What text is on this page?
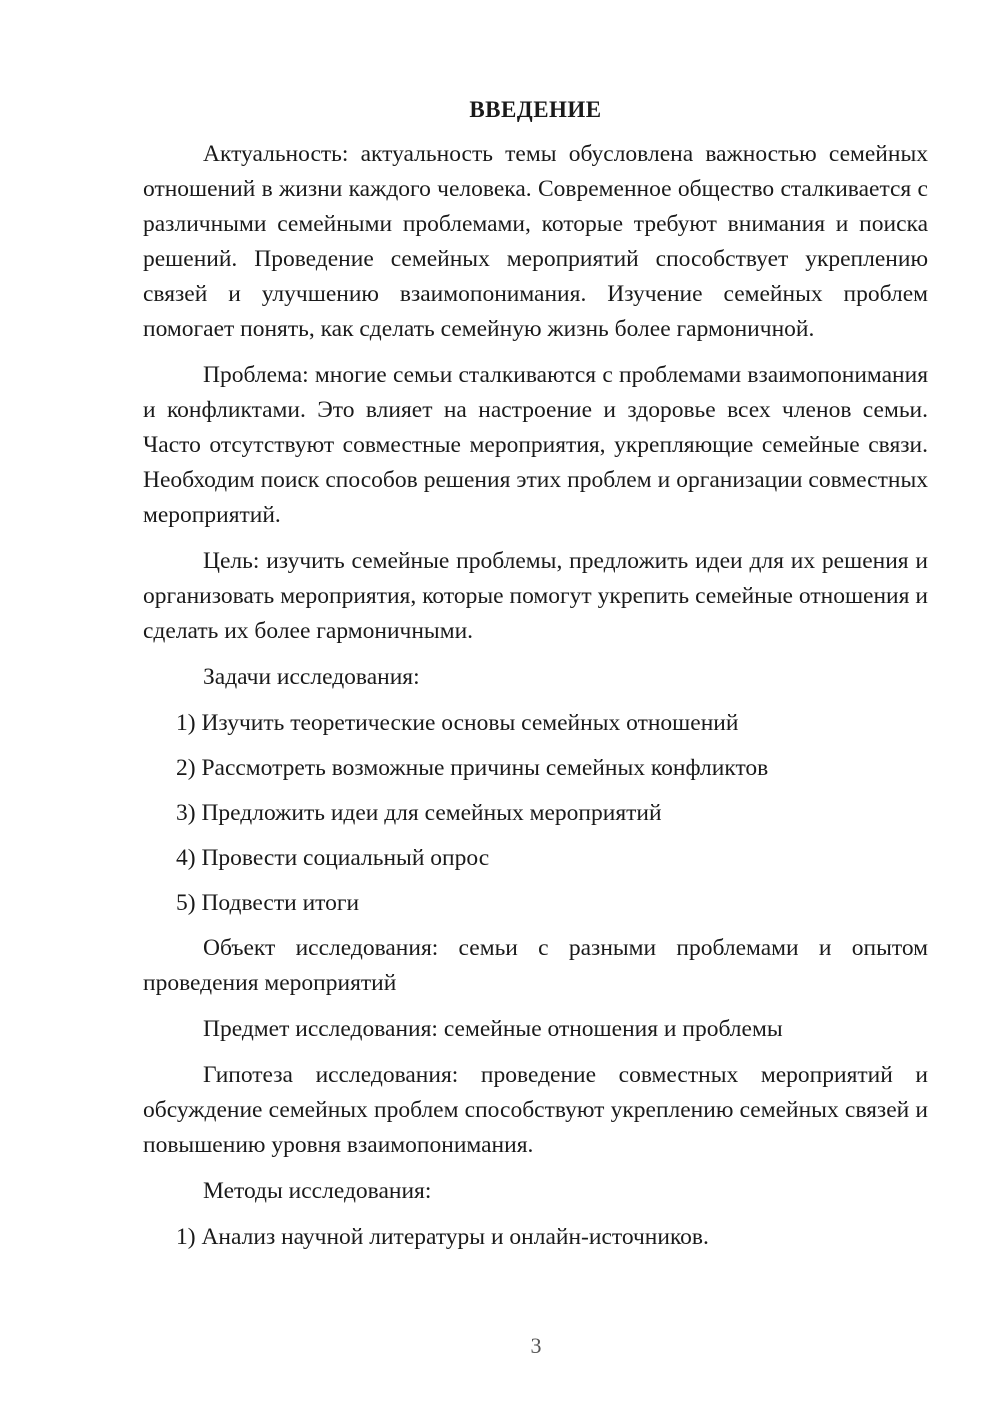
ВВЕДЕНИЕ

Актуальность: актуальность темы обусловлена важностью семейных отношений в жизни каждого человека. Современное общество сталкивается с различными семейными проблемами, которые требуют внимания и поиска решений. Проведение семейных мероприятий способствует укреплению связей и улучшению взаимопонимания. Изучение семейных проблем помогает понять, как сделать семейную жизнь более гармоничной.

Проблема: многие семьи сталкиваются с проблемами взаимопонимания и конфликтами. Это влияет на настроение и здоровье всех членов семьи. Часто отсутствуют совместные мероприятия, укрепляющие семейные связи. Необходим поиск способов решения этих проблем и организации совместных мероприятий.

Цель: изучить семейные проблемы, предложить идеи для их решения и организовать мероприятия, которые помогут укрепить семейные отношения и сделать их более гармоничными.

Задачи исследования:

1) Изучить теоретические основы семейных отношений
2) Рассмотреть возможные причины семейных конфликтов
3) Предложить идеи для семейных мероприятий
4) Провести социальный опрос
5) Подвести итоги

Объект исследования: семьи с разными проблемами и опытом проведения мероприятий

Предмет исследования: семейные отношения и проблемы

Гипотеза исследования: проведение совместных мероприятий и обсуждение семейных проблем способствуют укреплению семейных связей и повышению уровня взаимопонимания.

Методы исследования:

1) Анализ научной литературы и онлайн-источников.
3
